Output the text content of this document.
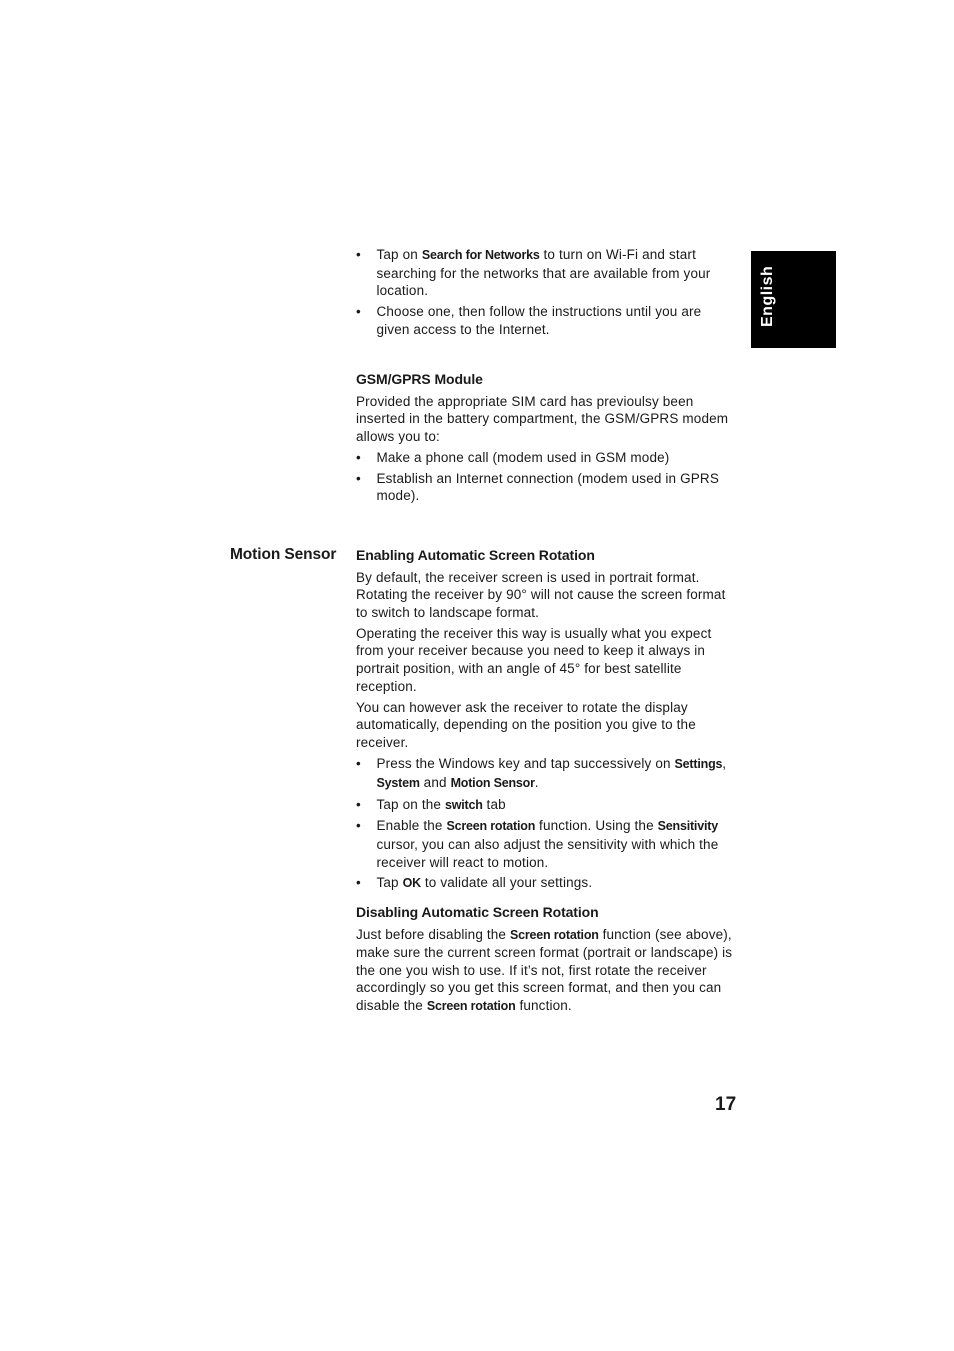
English
• Tap on Search for Networks to turn on Wi-Fi and start searching for the networks that are available from your location.
• Choose one, then follow the instructions until you are given access to the Internet.
GSM/GPRS Module

Provided the appropriate SIM card has previoulsy been inserted in the battery compartment, the GSM/GPRS modem allows you to:

• Make a phone call (modem used in GSM mode)
• Establish an Internet connection (modem used in GPRS mode).
Motion Sensor Enabling Automatic Screen Rotation

By default, the receiver screen is used in portrait format. Rotating the receiver by 90° will not cause the screen format to switch to landscape format.

Operating the receiver this way is usually what you expect from your receiver because you need to keep it always in portrait position, with an angle of 45° for best satellite reception.

You can however ask the receiver to rotate the display automatically, depending on the position you give to the receiver.

• Press the Windows key and tap successively on Settings, System and Motion Sensor.
• Tap on the switch tab
• Enable the Screen rotation function. Using the Sensitivity cursor, you can also adjust the sensitivity with which the receiver will react to motion.
• Tap OK to validate all your settings.
Disabling Automatic Screen Rotation

Just before disabling the Screen rotation function (see above), make sure the current screen format (portrait or landscape) is the one you wish to use. If it’s not, first rotate the receiver accordingly so you get this screen format, and then you can disable the Screen rotation function.

17
